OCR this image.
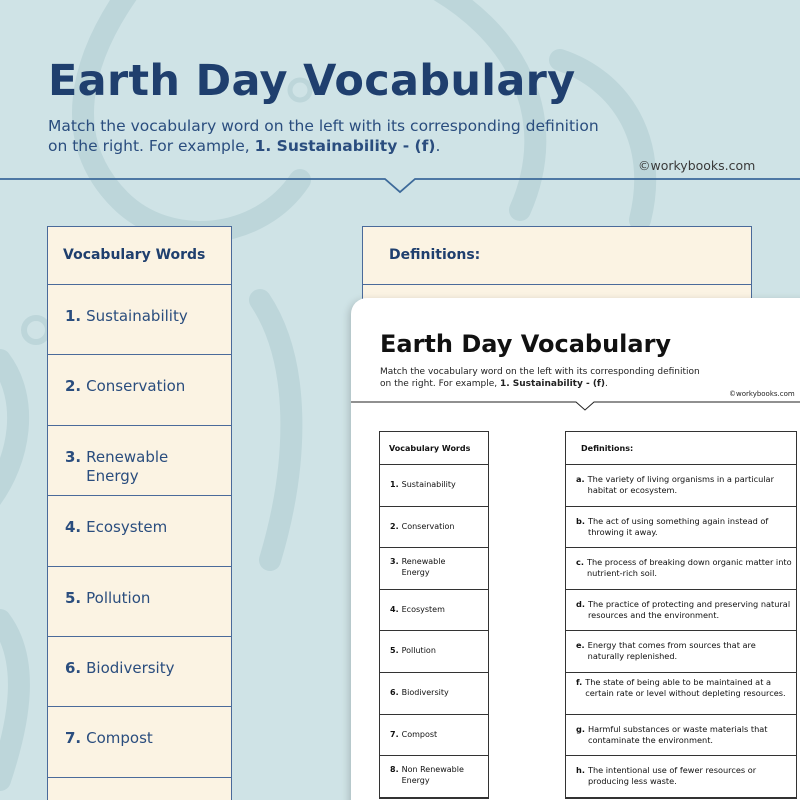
Earth Day Vocabulary
Match the vocabulary word on the left with its corresponding definition on the right. For example, 1. Sustainability - (f).
©workybooks.com
Vocabulary Words
1. Sustainability
2. Conservation
3. Renewable Energy
4. Ecosystem
5. Pollution
6. Biodiversity
7. Compost
Definitions:
Earth Day Vocabulary
Match the vocabulary word on the left with its corresponding definition on the right. For example, 1. Sustainability - (f).
©workybooks.com
Vocabulary Words
1. Sustainability
2. Conservation
3. Renewable Energy
4. Ecosystem
5. Pollution
6. Biodiversity
7. Compost
8. Non Renewable Energy
Definitions:
a. The variety of living organisms in a particular habitat or ecosystem.
b. The act of using something again instead of throwing it away.
c. The process of breaking down organic matter into nutrient-rich soil.
d. The practice of protecting and preserving natural resources and the environment.
e. Energy that comes from sources that are naturally replenished.
f. The state of being able to be maintained at a certain rate or level without depleting resources.
g. Harmful substances or waste materials that contaminate the environment.
h. The intentional use of fewer resources or producing less waste.
